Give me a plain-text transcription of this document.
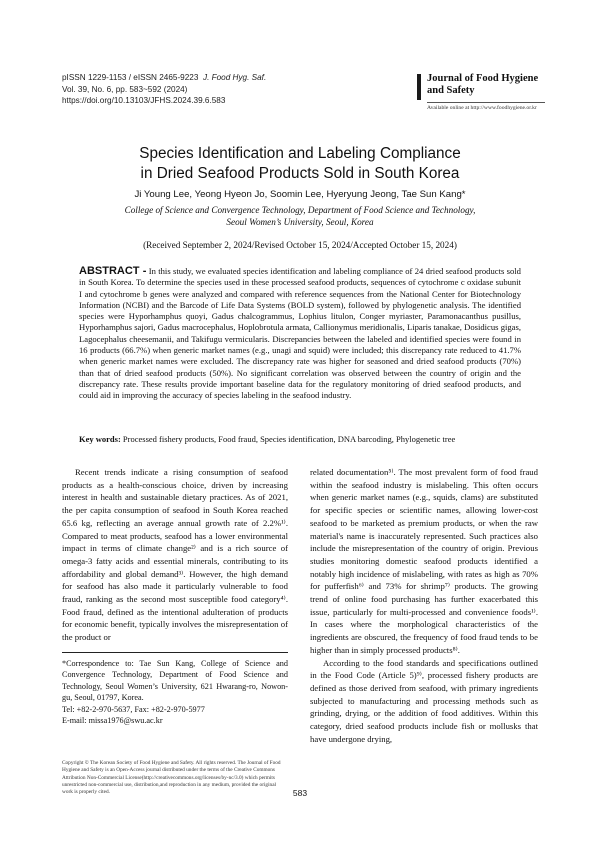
pISSN 1229-1153 / eISSN 2465-9223 J. Food Hyg. Saf.
Vol. 39, No. 6, pp. 583~592 (2024)
https://doi.org/10.13103/JFHS.2024.39.6.583
Journal of Food Hygiene
and Safety
Available online at http://www.foodhygiene.or.kr
Species Identification and Labeling Compliance
in Dried Seafood Products Sold in South Korea
Ji Young Lee, Yeong Hyeon Jo, Soomin Lee, Hyeryung Jeong, Tae Sun Kang*
College of Science and Convergence Technology, Department of Food Science and Technology,
Seoul Women’s University, Seoul, Korea
(Received September 2, 2024/Revised October 15, 2024/Accepted October 15, 2024)
ABSTRACT - In this study, we evaluated species identification and labeling compliance of 24 dried seafood products sold in South Korea. To determine the species used in these processed seafood products, sequences of cytochrome c oxidase subunit I and cytochrome b genes were analyzed and compared with reference sequences from the National Center for Biotechnology Information (NCBI) and the Barcode of Life Data Systems (BOLD system), followed by phylogenetic analysis. The identified species were Hyporhamphus quoyi, Gadus chalcogrammus, Lophius litulon, Conger myriaster, Paramonacanthus pusillus, Hyporhamphus sajori, Gadus macrocephalus, Hoplobrotula armata, Callionymus meridionalis, Liparis tanakae, Dosidicus gigas, Lagocephalus cheesemanii, and Takifugu vermicularis. Discrepancies between the labeled and identified species were found in 16 products (66.7%) when generic market names (e.g., unagi and squid) were included; this discrepancy rate reduced to 41.7% when generic market names were excluded. The discrepancy rate was higher for seasoned and dried seafood products (70%) than that of dried seafood products (50%). No significant correlation was observed between the country of origin and the discrepancy rate. These results provide important baseline data for the regulatory monitoring of dried seafood products, and could aid in improving the accuracy of species labeling in the seafood industry.
Key words: Processed fishery products, Food fraud, Species identification, DNA barcoding, Phylogenetic tree

Recent trends indicate a rising consumption of seafood products as a health-conscious choice, driven by increasing interest in health and sustainable dietary practices. As of 2021, the per capita consumption of seafood in South Korea reached 65.6 kg, reflecting an average annual growth rate of 2.2%¹⁾. Compared to meat products, seafood has a lower environmental impact in terms of climate change²⁾ and is a rich source of omega-3 fatty acids and essential minerals, contributing to its affordability and global demand³⁾. However, the high demand for seafood has also made it particularly vulnerable to food fraud, ranking as the second most susceptible food category⁴⁾. Food fraud, defined as the intentional adulteration of products for economic benefit, typically involves the misrepresentation of the product or

related documentation⁵⁾. The most prevalent form of food fraud within the seafood industry is mislabeling. This often occurs when generic market names (e.g., squids, clams) are substituted for specific species or scientific names, allowing lower-cost seafood to be marketed as premium products, or when the raw material's name is inaccurately represented. Such practices also include the misrepresentation of the country of origin. Previous studies monitoring domestic seafood products identified a notably high incidence of mislabeling, with rates as high as 70% for pufferfish⁶⁾ and 73% for shrimp⁷⁾ products. The growing trend of online food purchasing has further exacerbated this issue, particularly for multi-processed and convenience foods¹⁾. In cases where the morphological characteristics of the ingredients are obscured, the frequency of food fraud tends to be higher than in simply processed products⁸⁾.

According to the food standards and specifications outlined in the Food Code (Article 5)⁹⁾, processed fishery products are defined as those derived from seafood, with primary ingredients subjected to manufacturing and processing methods such as grinding, drying, or the addition of food additives. Within this category, dried seafood products include fish or mollusks that have undergone drying,

*Correspondence to: Tae Sun Kang, College of Science and Convergence Technology, Department of Food Science and Technology, Seoul Women’s University, 621 Hwarang-ro, Nowon-gu, Seoul, 01797, Korea.
Tel: +82-2-970-5637, Fax: +82-2-970-5977
E-mail: missa1976@swu.ac.kr
Copyright © The Korean Society of Food Hygiene and Safety. All rights reserved. The Journal of Food Hygiene and Safety is an Open-Access journal distributed under the terms of the Creative Commons Attribution Non-Commercial License(http://creativecommons.org/licenses/by-nc/3.0) which permits unrestricted non-commercial use, distribution,and reproduction in any medium, provided the original work is properly cited.	583
